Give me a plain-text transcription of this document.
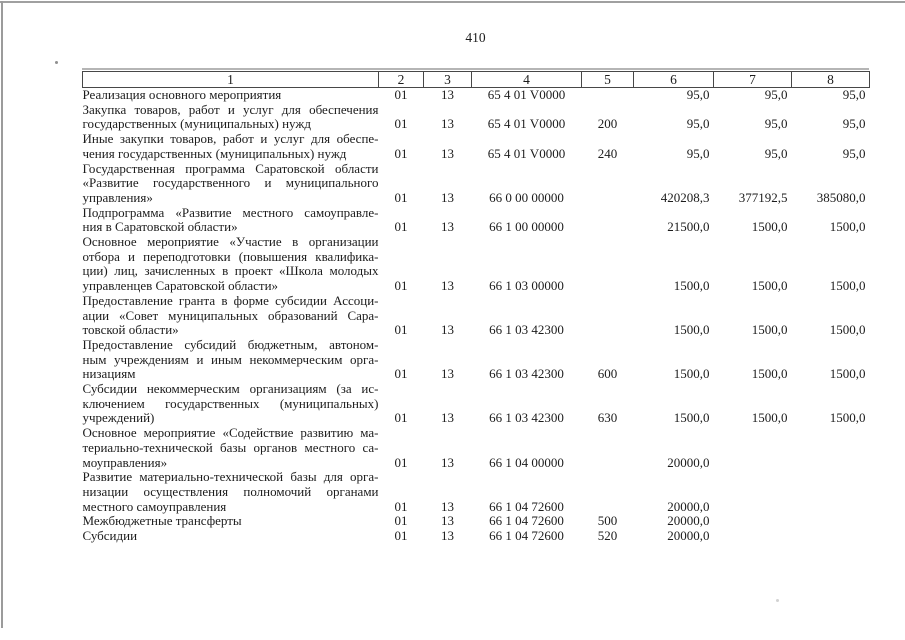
410
1	2	3	4	5	6	7	8

Реализация основного мероприятия	01	13	65 4 01 V0000		95,0	95,0	95,0

Закупка товаров, работ и услуг для обеспечения
государственных (муниципальных) нужд	01	13	65 4 01 V0000	200	95,0	95,0	95,0

Иные закупки товаров, работ и услуг для обеспе-
чения государственных (муниципальных) нужд	01	13	65 4 01 V0000	240	95,0	95,0	95,0

Государственная программа Саратовской области
«Развитие государственного и муниципального
управления»	01	13	66 0 00 00000		420208,3	377192,5	385080,0

Подпрограмма «Развитие местного самоуправле-
ния в Саратовской области»	01	13	66 1 00 00000		21500,0	1500,0	1500,0

Основное мероприятие «Участие в организации
отбора и переподготовки (повышения квалифика-
ции) лиц, зачисленных в проект «Школа молодых
управленцев Саратовской области»	01	13	66 1 03 00000		1500,0	1500,0	1500,0

Предоставление гранта в форме субсидии Ассоци-
ации «Совет муниципальных образований Сара-
товской области»	01	13	66 1 03 42300		1500,0	1500,0	1500,0

Предоставление субсидий бюджетным, автоном-
ным учреждениям и иным некоммерческим орга-
низациям	01	13	66 1 03 42300	600	1500,0	1500,0	1500,0

Субсидии некоммерческим организациям (за ис-
ключением государственных (муниципальных)
учреждений)	01	13	66 1 03 42300	630	1500,0	1500,0	1500,0

Основное мероприятие «Содействие развитию ма-
териально-технической базы органов местного са-
моуправления»	01	13	66 1 04 00000		20000,0		

Развитие материально-технической базы для орга-
низации осуществления полномочий органами
местного самоуправления	01	13	66 1 04 72600		20000,0		

Межбюджетные трансферты	01	13	66 1 04 72600	500	20000,0		

Субсидии	01	13	66 1 04 72600	520	20000,0		
